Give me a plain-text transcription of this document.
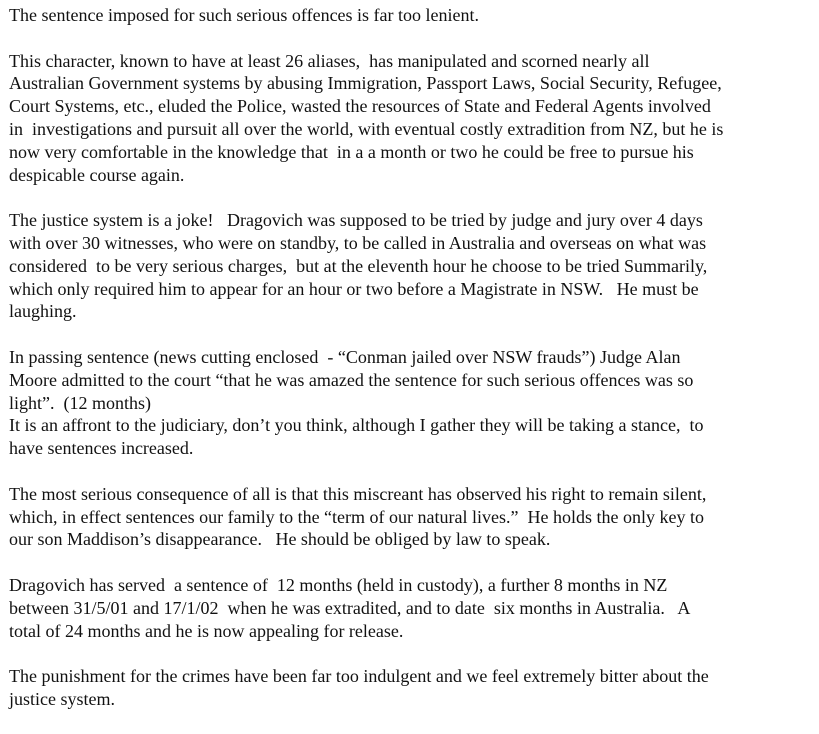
The sentence imposed for such serious offences is far too lenient.
This character, known to have at least 26 aliases,  has manipulated and scorned nearly all
Australian Government systems by abusing Immigration, Passport Laws, Social Security, Refugee,
Court Systems, etc., eluded the Police, wasted the resources of State and Federal Agents involved
in  investigations and pursuit all over the world, with eventual costly extradition from NZ, but he is
now very comfortable in the knowledge that  in a a month or two he could be free to pursue his
despicable course again.
The justice system is a joke!   Dragovich was supposed to be tried by judge and jury over 4 days
with over 30 witnesses, who were on standby, to be called in Australia and overseas on what was
considered  to be very serious charges,  but at the eleventh hour he choose to be tried Summarily,
which only required him to appear for an hour or two before a Magistrate in NSW.   He must be
laughing.
In passing sentence (news cutting enclosed  - “Conman jailed over NSW frauds”) Judge Alan
Moore admitted to the court “that he was amazed the sentence for such serious offences was so
light”.  (12 months)
It is an affront to the judiciary, don’t you think, although I gather they will be taking a stance,  to
have sentences increased.
The most serious consequence of all is that this miscreant has observed his right to remain silent,
which, in effect sentences our family to the “term of our natural lives.”  He holds the only key to
our son Maddison’s disappearance.   He should be obliged by law to speak.
Dragovich has served  a sentence of  12 months (held in custody), a further 8 months in NZ
between 31/5/01 and 17/1/02  when he was extradited, and to date  six months in Australia.   A
total of 24 months and he is now appealing for release.
The punishment for the crimes have been far too indulgent and we feel extremely bitter about the
justice system.
